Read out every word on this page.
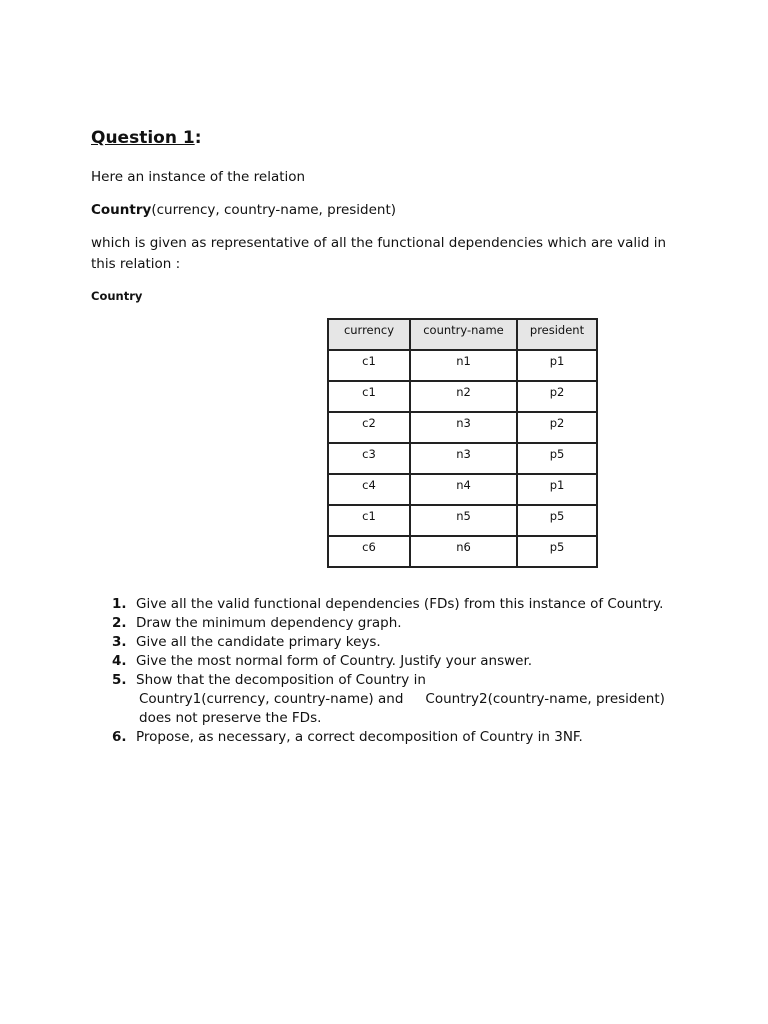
Question 1:
Here an instance of the relation
Country(currency, country-name, president)
which is given as representative of all the functional dependencies which are valid in this relation :
Country
currency	country-name	president
c1	n1	p1
c1	n2	p2
c2	n3	p2
c3	n3	p5
c4	n4	p1
c1	n5	p5
c6	n6	p5
1. Give all the valid functional dependencies (FDs) from this instance of Country.
2. Draw the minimum dependency graph.
3. Give all the candidate primary keys.
4. Give the most normal form of Country. Justify your answer.
5. Show that the decomposition of Country in
Country1(currency, country-name) and Country2(country-name, president)
does not preserve the FDs.
6. Propose, as necessary, a correct decomposition of Country in 3NF.
